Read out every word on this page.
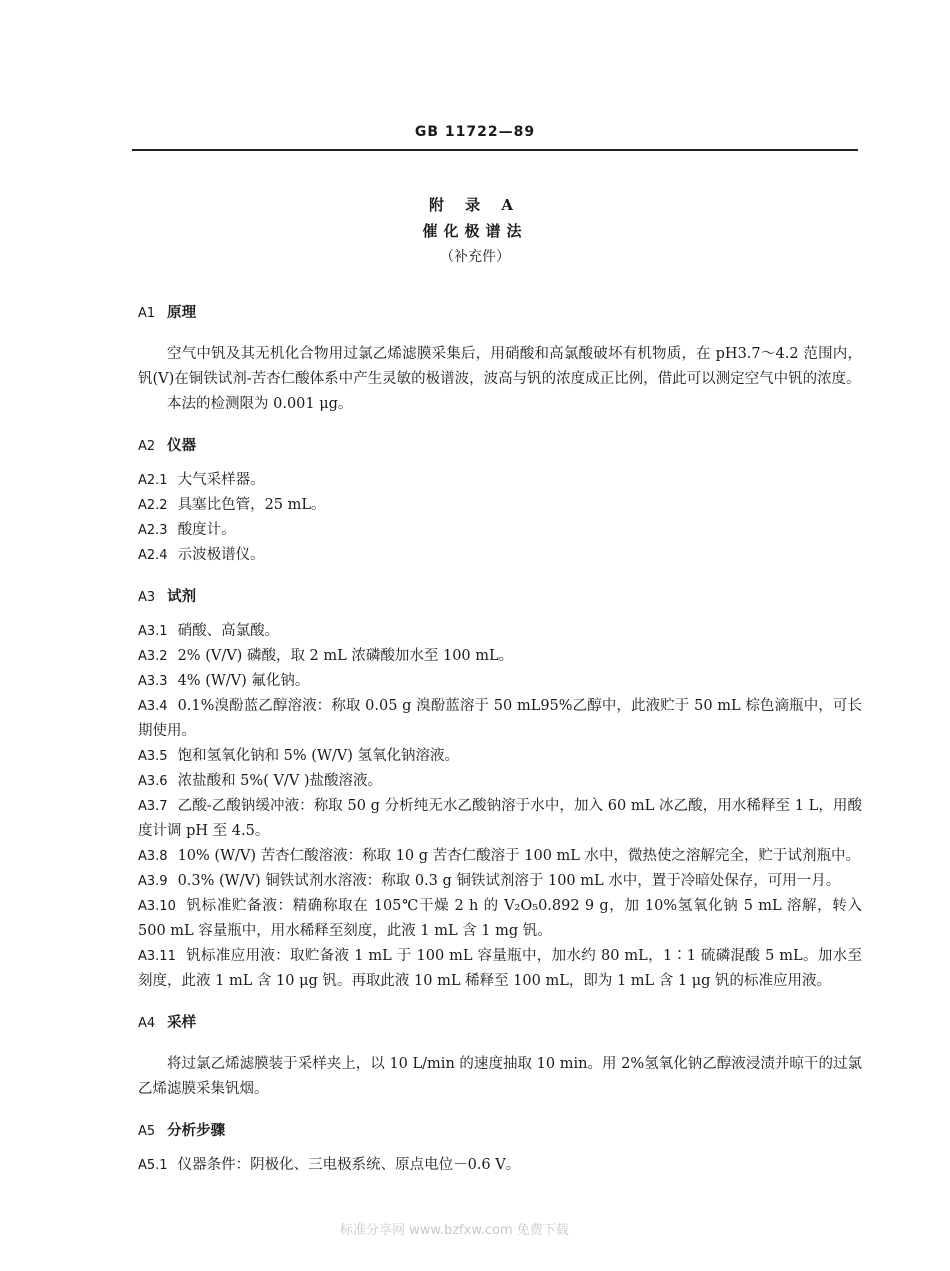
GB 11722—89
附 录 A
催化极谱法
（补充件）

A1 原理

空气中钒及其无机化合物用过氯乙烯滤膜采集后，用硝酸和高氯酸破坏有机物质，在 pH3.7～4.2 范围内，钒(V)在铜铁试剂-苦杏仁酸体系中产生灵敏的极谱波，波高与钒的浓度成正比例，借此可以测定空气中钒的浓度。

本法的检测限为 0.001 μg。

A2 仪器

A2.1 大气采样器。

A2.2 具塞比色管，25 mL。

A2.3 酸度计。

A2.4 示波极谱仪。

A3 试剂

A3.1 硝酸、高氯酸。

A3.2 2% (V/V) 磷酸，取 2 mL 浓磷酸加水至 100 mL。

A3.3 4% (W/V) 氟化钠。

A3.4 0.1%溴酚蓝乙醇溶液：称取 0.05 g 溴酚蓝溶于 50 mL95%乙醇中，此液贮于 50 mL 棕色滴瓶中，可长期使用。

A3.5 饱和氢氧化钠和 5% (W/V) 氢氧化钠溶液。

A3.6 浓盐酸和 5%( V/V )盐酸溶液。

A3.7 乙酸-乙酸钠缓冲液：称取 50 g 分析纯无水乙酸钠溶于水中，加入 60 mL 冰乙酸，用水稀释至 1 L，用酸度计调 pH 至 4.5。

A3.8 10% (W/V) 苦杏仁酸溶液：称取 10 g 苦杏仁酸溶于 100 mL 水中，微热使之溶解完全，贮于试剂瓶中。

A3.9 0.3% (W/V) 铜铁试剂水溶液：称取 0.3 g 铜铁试剂溶于 100 mL 水中，置于冷暗处保存，可用一月。

A3.10 钒标准贮备液：精确称取在 105℃干燥 2 h 的 V₂O₅0.892 9 g，加 10%氢氧化钠 5 mL 溶解，转入 500 mL 容量瓶中，用水稀释至刻度，此液 1 mL 含 1 mg 钒。

A3.11 钒标准应用液：取贮备液 1 mL 于 100 mL 容量瓶中，加水约 80 mL，1∶1 硫磷混酸 5 mL。加水至刻度，此液 1 mL 含 10 μg 钒。再取此液 10 mL 稀释至 100 mL，即为 1 mL 含 1 μg 钒的标准应用液。

A4 采样

将过氯乙烯滤膜装于采样夹上，以 10 L/min 的速度抽取 10 min。用 2%氢氧化钠乙醇液浸渍并晾干的过氯乙烯滤膜采集钒烟。

A5 分析步骤

A5.1 仪器条件：阴极化、三电极系统、原点电位－0.6 V。

标准分享网 www.bzfxw.com 免费下载
